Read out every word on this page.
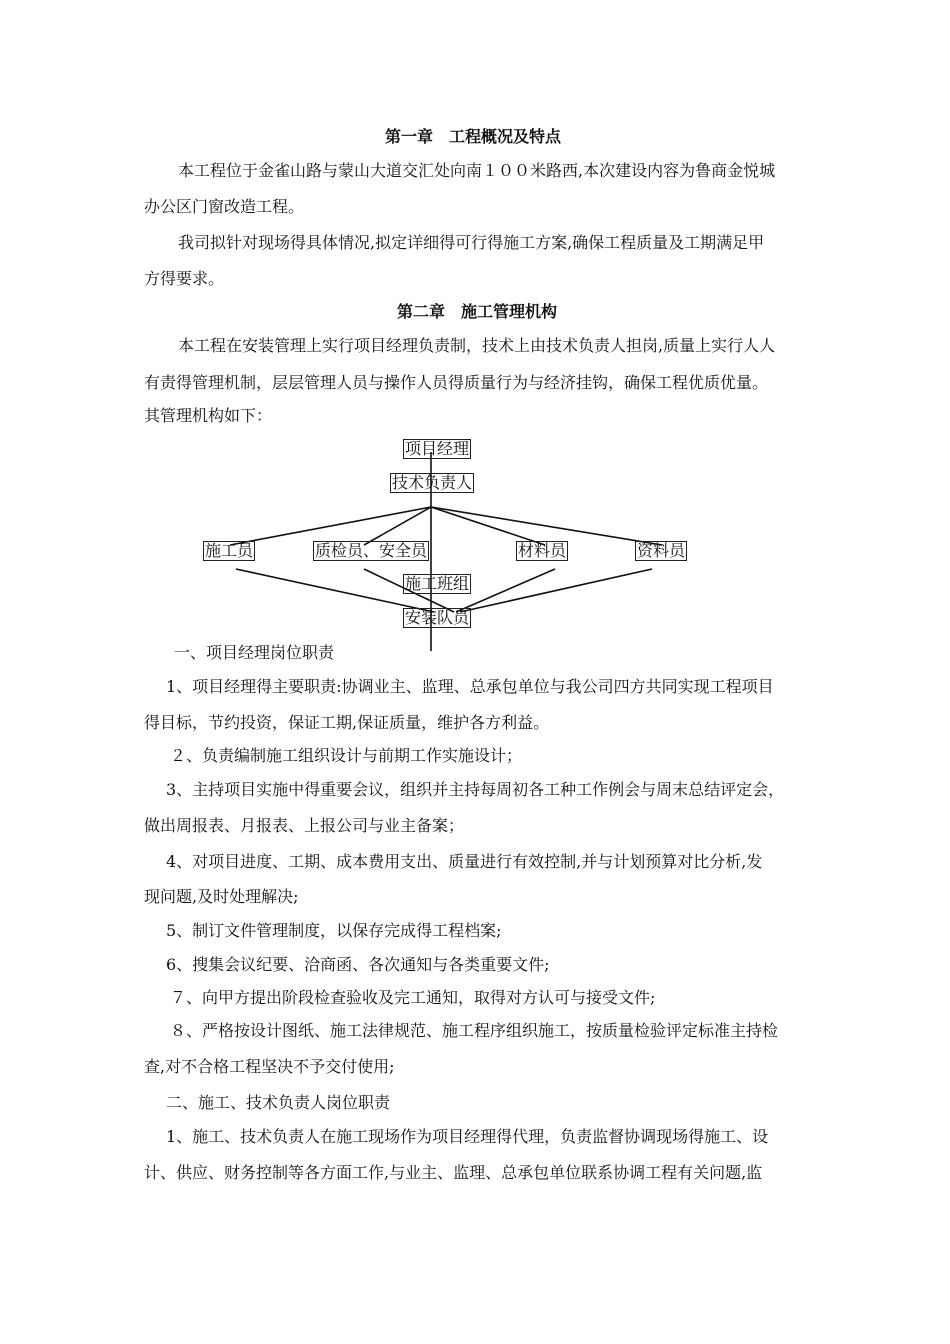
第一章　工程概况及特点
本工程位于金雀山路与蒙山大道交汇处向南１００米路西,本次建设内容为鲁商金悦城
办公区门窗改造工程。
我司拟针对现场得具体情况,拟定详细得可行得施工方案,确保工程质量及工期满足甲
方得要求。
第二章　施工管理机构
本工程在安装管理上实行项目经理负责制，技术上由技术负责人担岗,质量上实行人人
有责得管理机制，层层管理人员与操作人员得质量行为与经济挂钩，确保工程优质优量。
其管理机构如下：
项目经理
技术负责人
施工员	质检员、安全员	材料员	资料员
施工班组
安装队员
一、项目经理岗位职责
1、项目经理得主要职责:协调业主、监理、总承包单位与我公司四方共同实现工程项目
得目标，节约投资，保证工期,保证质量，维护各方利益。
２、负责编制施工组织设计与前期工作实施设计；
3、主持项目实施中得重要会议，组织并主持每周初各工种工作例会与周末总结评定会，
做出周报表、月报表、上报公司与业主备案；
4、对项目进度、工期、成本费用支出、质量进行有效控制,并与计划预算对比分析,发
现问题,及时处理解决;
5、制订文件管理制度，以保存完成得工程档案;
6、搜集会议纪要、洽商函、各次通知与各类重要文件;
７、向甲方提出阶段检查验收及完工通知，取得对方认可与接受文件;
８、严格按设计图纸、施工法律规范、施工程序组织施工，按质量检验评定标准主持检
查,对不合格工程坚决不予交付使用;
二、施工、技术负责人岗位职责
1、施工、技术负责人在施工现场作为项目经理得代理，负责监督协调现场得施工、设
计、供应、财务控制等各方面工作,与业主、监理、总承包单位联系协调工程有关问题,监
